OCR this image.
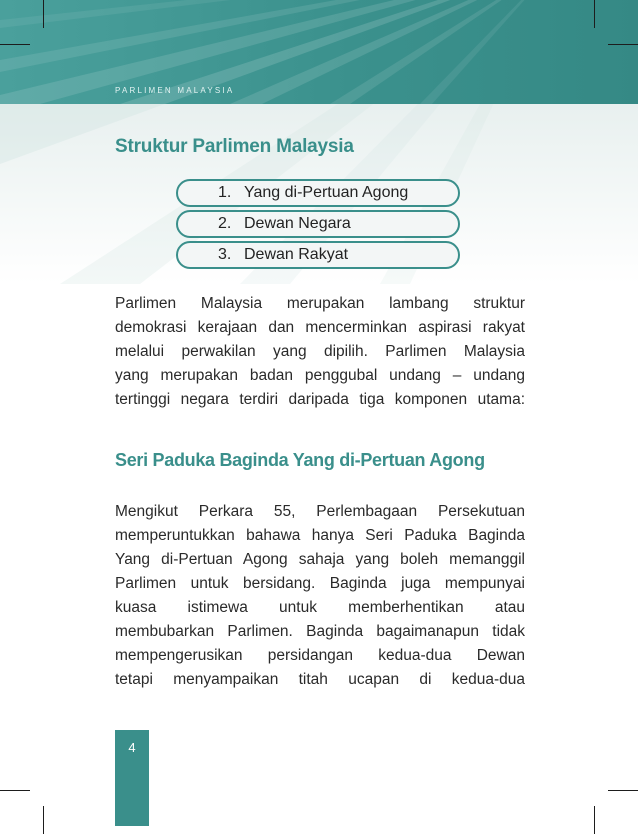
PARLIMEN MALAYSIA
Struktur Parlimen Malaysia
1. Yang di-Pertuan Agong
2. Dewan Negara
3. Dewan Rakyat
Parlimen Malaysia merupakan lambang struktur
demokrasi kerajaan dan mencerminkan aspirasi rakyat
melalui perwakilan yang dipilih. Parlimen Malaysia
yang merupakan badan penggubal undang – undang
tertinggi negara terdiri daripada tiga komponen utama:
Seri Paduka Baginda Yang di-Pertuan Agong
Mengikut Perkara 55, Perlembagaan Persekutuan
memperuntukkan bahawa hanya Seri Paduka Baginda
Yang di-Pertuan Agong sahaja yang boleh memanggil
Parlimen untuk bersidang. Baginda juga mempunyai
kuasa istimewa untuk memberhentikan atau
membubarkan Parlimen. Baginda bagaimanapun tidak
mempengerusikan persidangan kedua-dua Dewan
tetapi menyampaikan titah ucapan di kedua-dua
4
